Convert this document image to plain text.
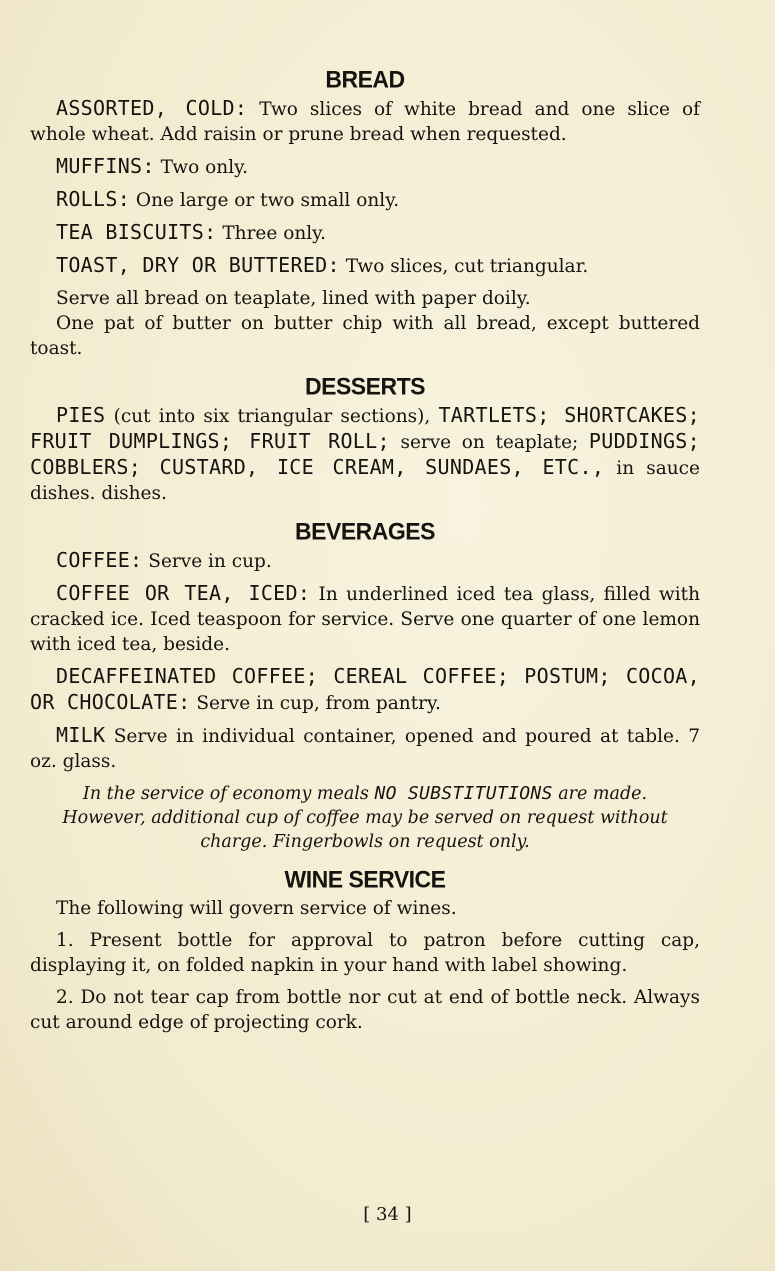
BREAD

ASSORTED, COLD: Two slices of white bread and one slice of whole wheat. Add raisin or prune bread when requested.

MUFFINS: Two only.

ROLLS: One large or two small only.

TEA BISCUITS: Three only.

TOAST, DRY OR BUTTERED: Two slices, cut triangular.

Serve all bread on teaplate, lined with paper doily.

One pat of butter on butter chip with all bread, except buttered toast.

DESSERTS

PIES (cut into six triangular sections), TARTLETS; SHORTCAKES; FRUIT DUMPLINGS; FRUIT ROLL; serve on teaplate; PUDDINGS; COBBLERS; CUSTARD, ICE CREAM, SUNDAES, ETC., in sauce dishes. dishes.

BEVERAGES

COFFEE: Serve in cup.

COFFEE OR TEA, ICED: In underlined iced tea glass, filled with cracked ice. Iced teaspoon for service. Serve one quarter of one lemon with iced tea, beside.

DECAFFEINATED COFFEE; CEREAL COFFEE; POSTUM; COCOA, OR CHOCOLATE: Serve in cup, from pantry.

MILK Serve in individual container, opened and poured at table. 7 oz. glass.

In the service of economy meals NO SUBSTITUTIONS are made. However, additional cup of coffee may be served on request without charge. Fingerbowls on request only.

WINE SERVICE

The following will govern service of wines.

1. Present bottle for approval to patron before cutting cap, displaying it, on folded napkin in your hand with label showing.

2. Do not tear cap from bottle nor cut at end of bottle neck. Always cut around edge of projecting cork.

[ 34 ]
